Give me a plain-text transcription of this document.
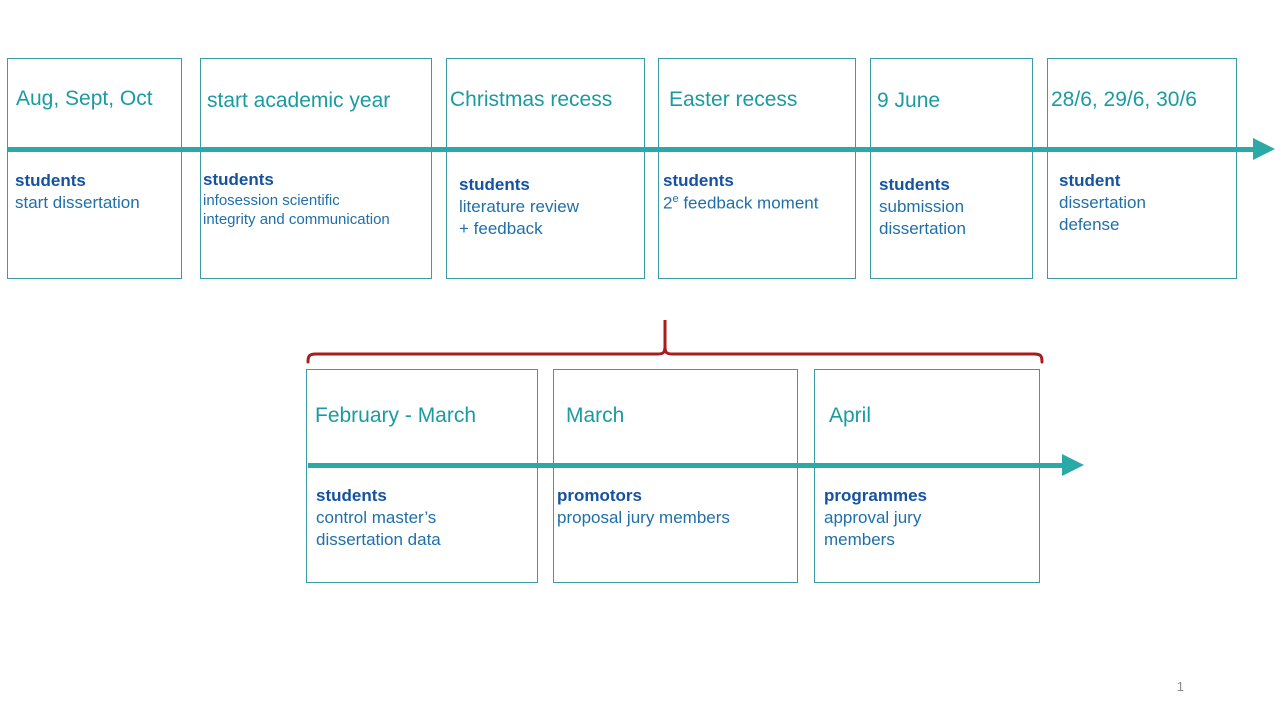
Aug, Sept, Oct
students
start dissertation
start academic year
students
infosession scientific
integrity and communication
Christmas recess
students
literature review
+ feedback
Easter recess
students
2e feedback moment
9 June
students
submission
dissertation
28/6, 29/6, 30/6
student
dissertation
defense
February - March
students
control master’s
dissertation data
March
promotors
proposal jury members
April
programmes
approval jury
members
1
